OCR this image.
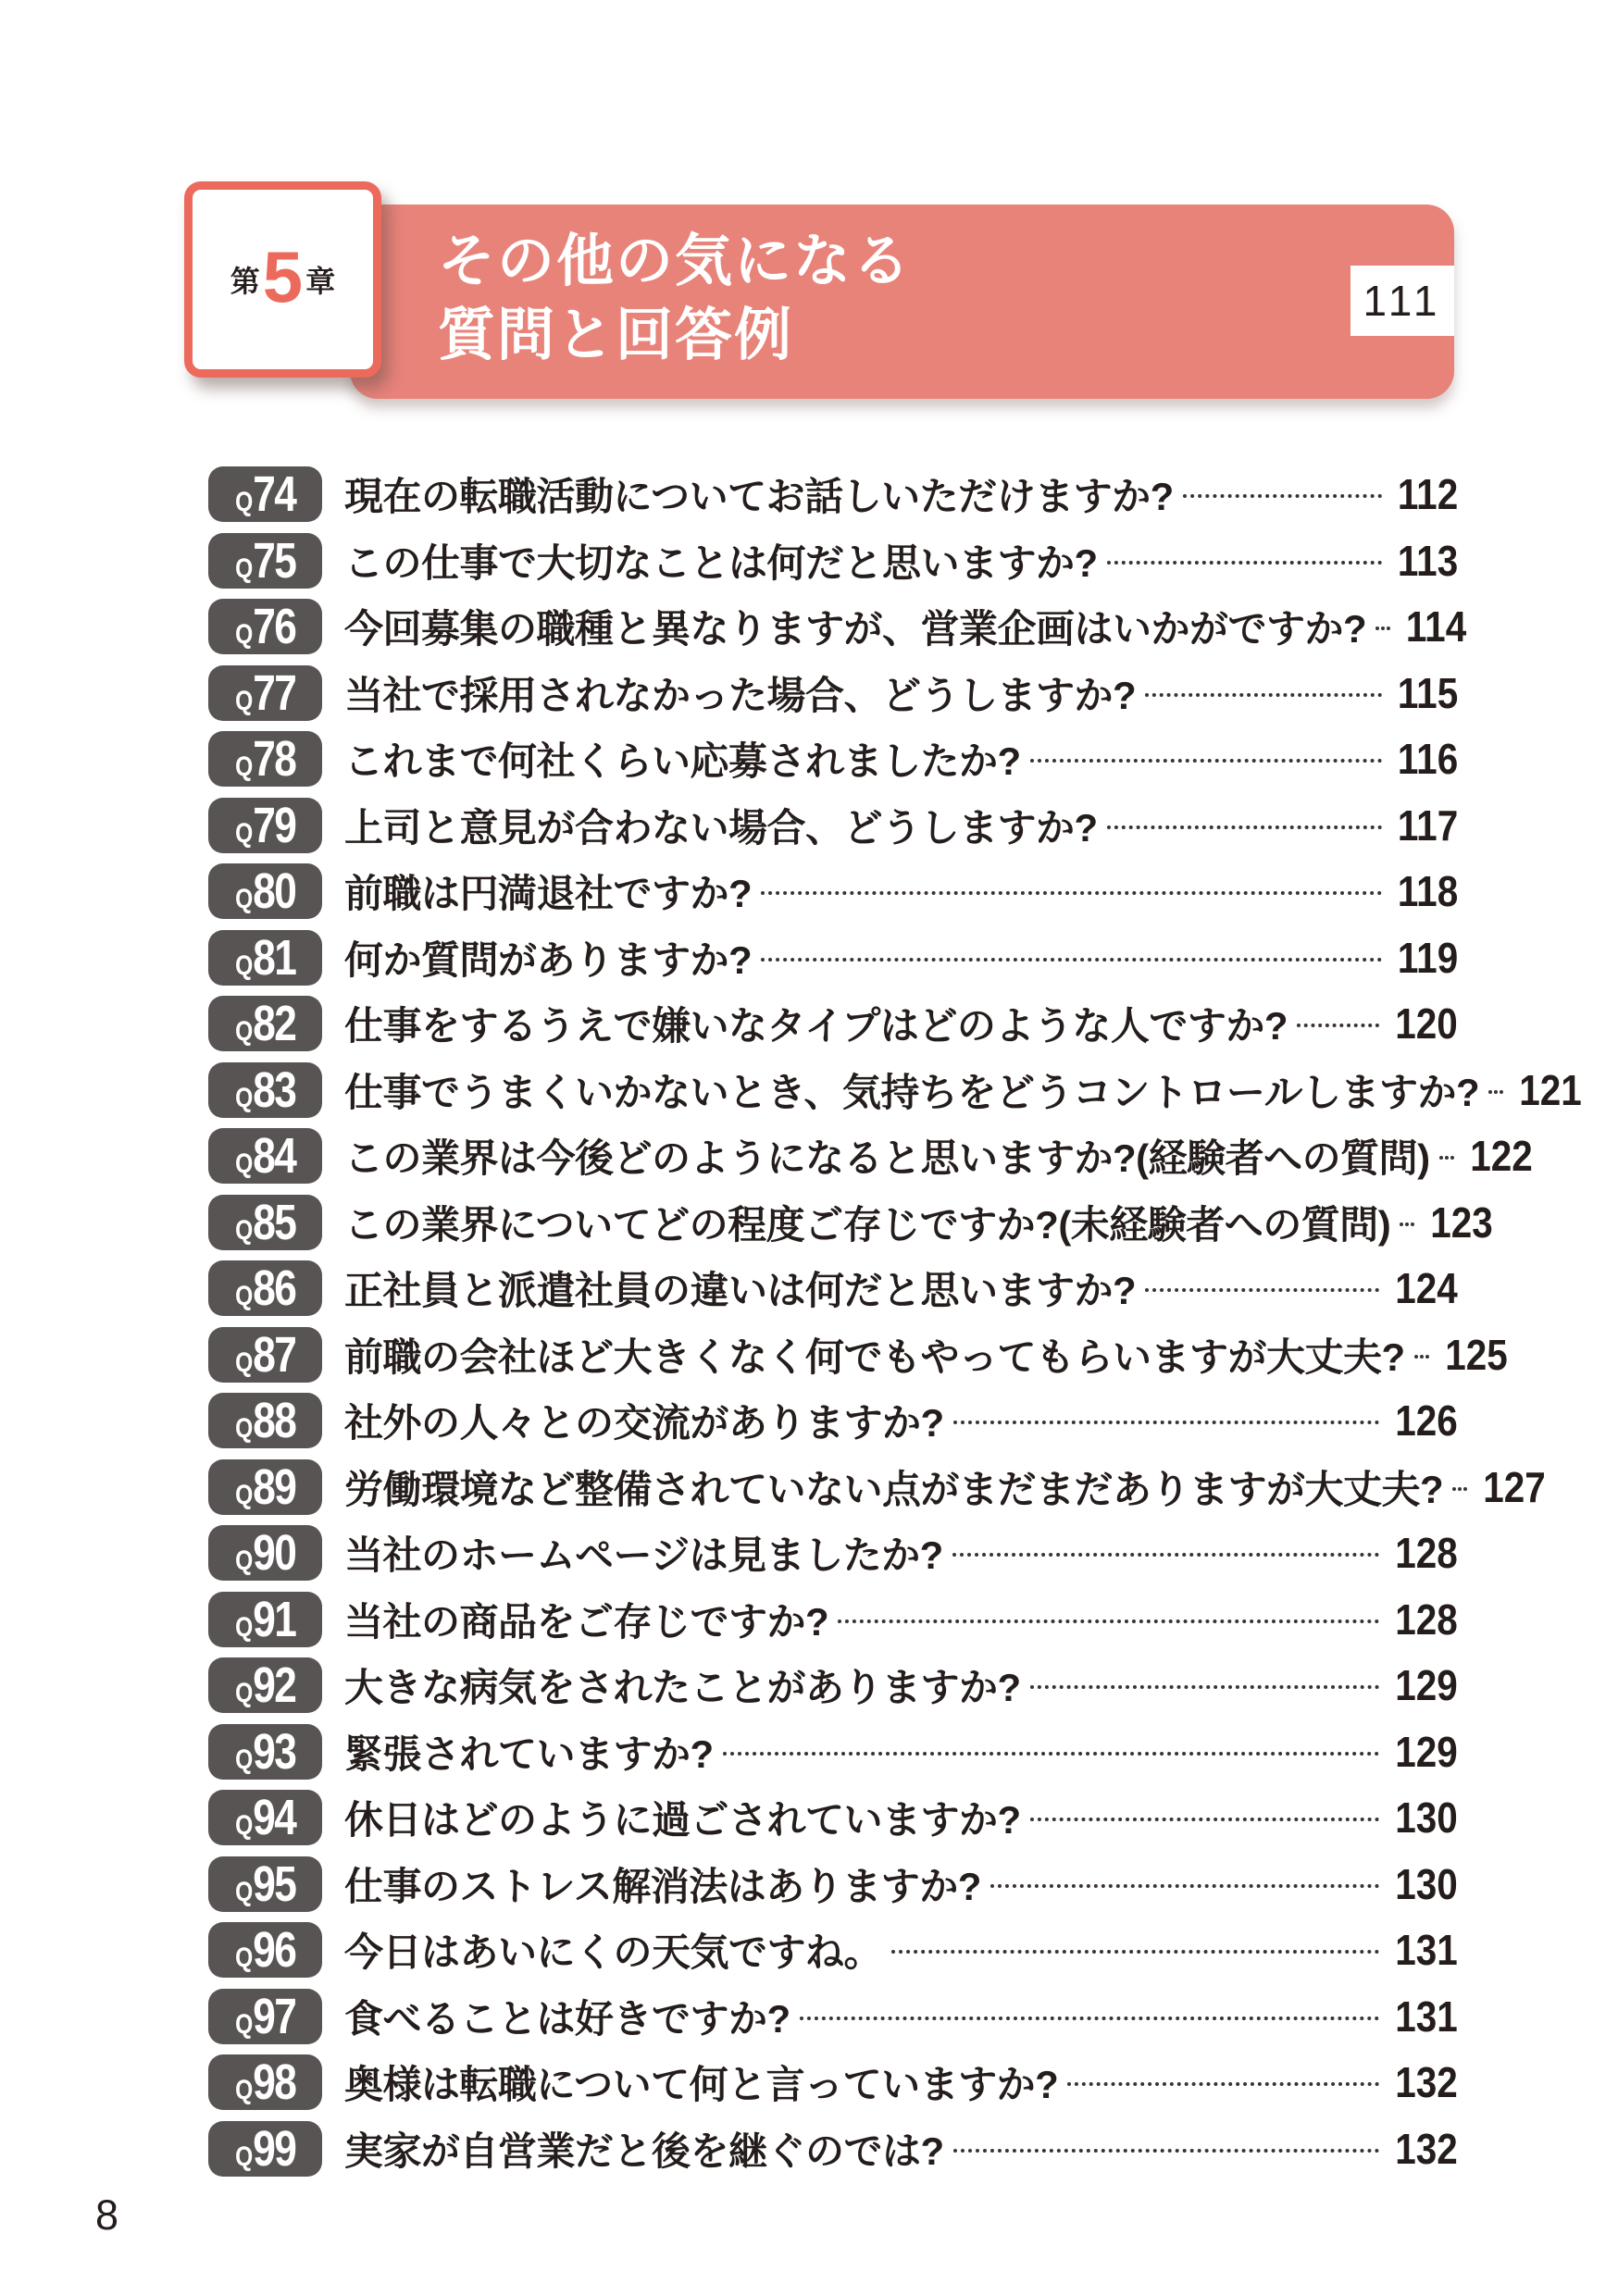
その他の気になる
質問と回答例
第 5 章	111
Q 74 現在の転職活動についてお話しいただけますか?	112
Q 75 この仕事で大切なことは何だと思いますか?	113
Q 76 今回募集の職種と異なりますが、営業企画はいかがですか? 114
Q 77 当社で採用されなかった場合、どうしますか?	115
Q 78 これまで何社くらい応募されましたか?	116
Q 79 上司と意見が合わない場合、どうしますか?	117
Q 80 前職は円満退社ですか?	118
Q 81 何か質問がありますか?	119
Q 82 仕事をするうえで嫌いなタイプはどのような人ですか?	120
Q 83 仕事でうまくいかないとき、気持ちをどうコントロールしますか? 121
Q 84 この業界は今後どのようになると思いますか?(経験者への質問) 122
Q 85 この業界についてどの程度ご存じですか?(未経験者への質問) 123
Q 86 正社員と派遣社員の違いは何だと思いますか?	124
Q 87 前職の会社ほど大きくなく何でもやってもらいますが大丈夫? 125
Q 88 社外の人々との交流がありますか?	126
Q 89 労働環境など整備されていない点がまだまだありますが大丈夫? 127
Q 90 当社のホームページは見ましたか?	128
Q 91 当社の商品をご存じですか?	128
Q 92 大きな病気をされたことがありますか?	129
Q 93 緊張されていますか?	129
Q 94 休日はどのように過ごされていますか?	130
Q 95 仕事のストレス解消法はありますか?	130
Q 96 今日はあいにくの天気ですね。	131
Q 97 食べることは好きですか?	131
Q 98 奥様は転職について何と言っていますか?	132
Q 99 実家が自営業だと後を継ぐのでは?	132
8
